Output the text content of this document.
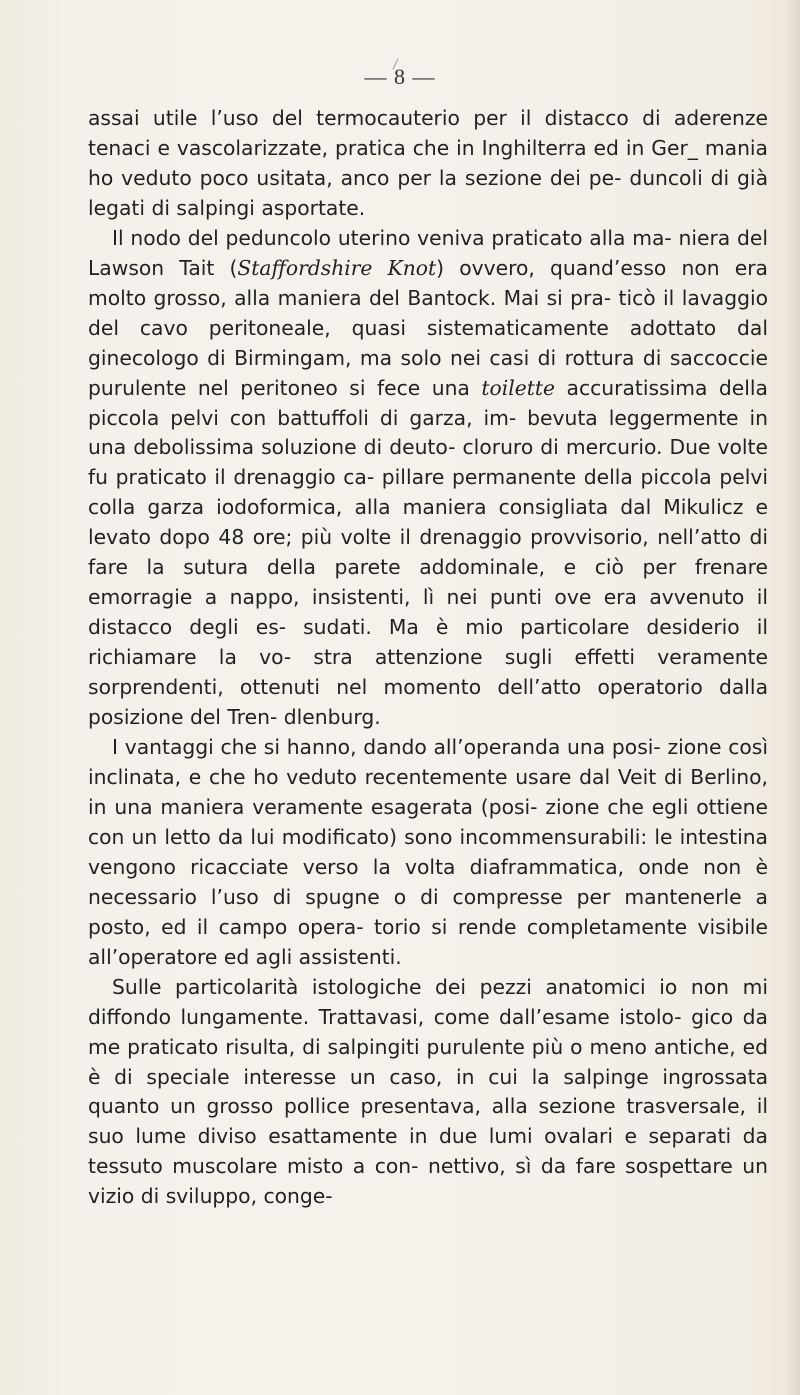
— 8 —

assai utile l’uso del termocauterio per il distacco di aderenze tenaci e vascolarizzate, pratica che in Inghilterra ed in Ger_ mania ho veduto poco usitata, anco per la sezione dei pe- duncoli di già legati di salpingi asportate.

Il nodo del peduncolo uterino veniva praticato alla ma- niera del Lawson Tait (Staffordshire Knot) ovvero, quand’esso non era molto grosso, alla maniera del Bantock. Mai si pra- ticò il lavaggio del cavo peritoneale, quasi sistematicamente adottato dal ginecologo di Birmingam, ma solo nei casi di rottura di saccoccie purulente nel peritoneo si fece una toilette accuratissima della piccola pelvi con battuffoli di garza, im- bevuta leggermente in una debolissima soluzione di deuto- cloruro di mercurio. Due volte fu praticato il drenaggio ca- pillare permanente della piccola pelvi colla garza iodoformica, alla maniera consigliata dal Mikulicz e levato dopo 48 ore; più volte il drenaggio provvisorio, nell’atto di fare la sutura della parete addominale, e ciò per frenare emorragie a nappo, insistenti, lì nei punti ove era avvenuto il distacco degli es- sudati. Ma è mio particolare desiderio il richiamare la vo- stra attenzione sugli effetti veramente sorprendenti, ottenuti nel momento dell’atto operatorio dalla posizione del Tren- dlenburg.

I vantaggi che si hanno, dando all’operanda una posi- zione così inclinata, e che ho veduto recentemente usare dal Veit di Berlino, in una maniera veramente esagerata (posi- zione che egli ottiene con un letto da lui modificato) sono incommensurabili: le intestina vengono ricacciate verso la volta diaframmatica, onde non è necessario l’uso di spugne o di compresse per mantenerle a posto, ed il campo opera- torio si rende completamente visibile all’operatore ed agli assistenti.

Sulle particolarità istologiche dei pezzi anatomici io non mi diffondo lungamente. Trattavasi, come dall’esame istolo- gico da me praticato risulta, di salpingiti purulente più o meno antiche, ed è di speciale interesse un caso, in cui la salpinge ingrossata quanto un grosso pollice presentava, alla sezione trasversale, il suo lume diviso esattamente in due lumi ovalari e separati da tessuto muscolare misto a con- nettivo, sì da fare sospettare un vizio di sviluppo, conge-
